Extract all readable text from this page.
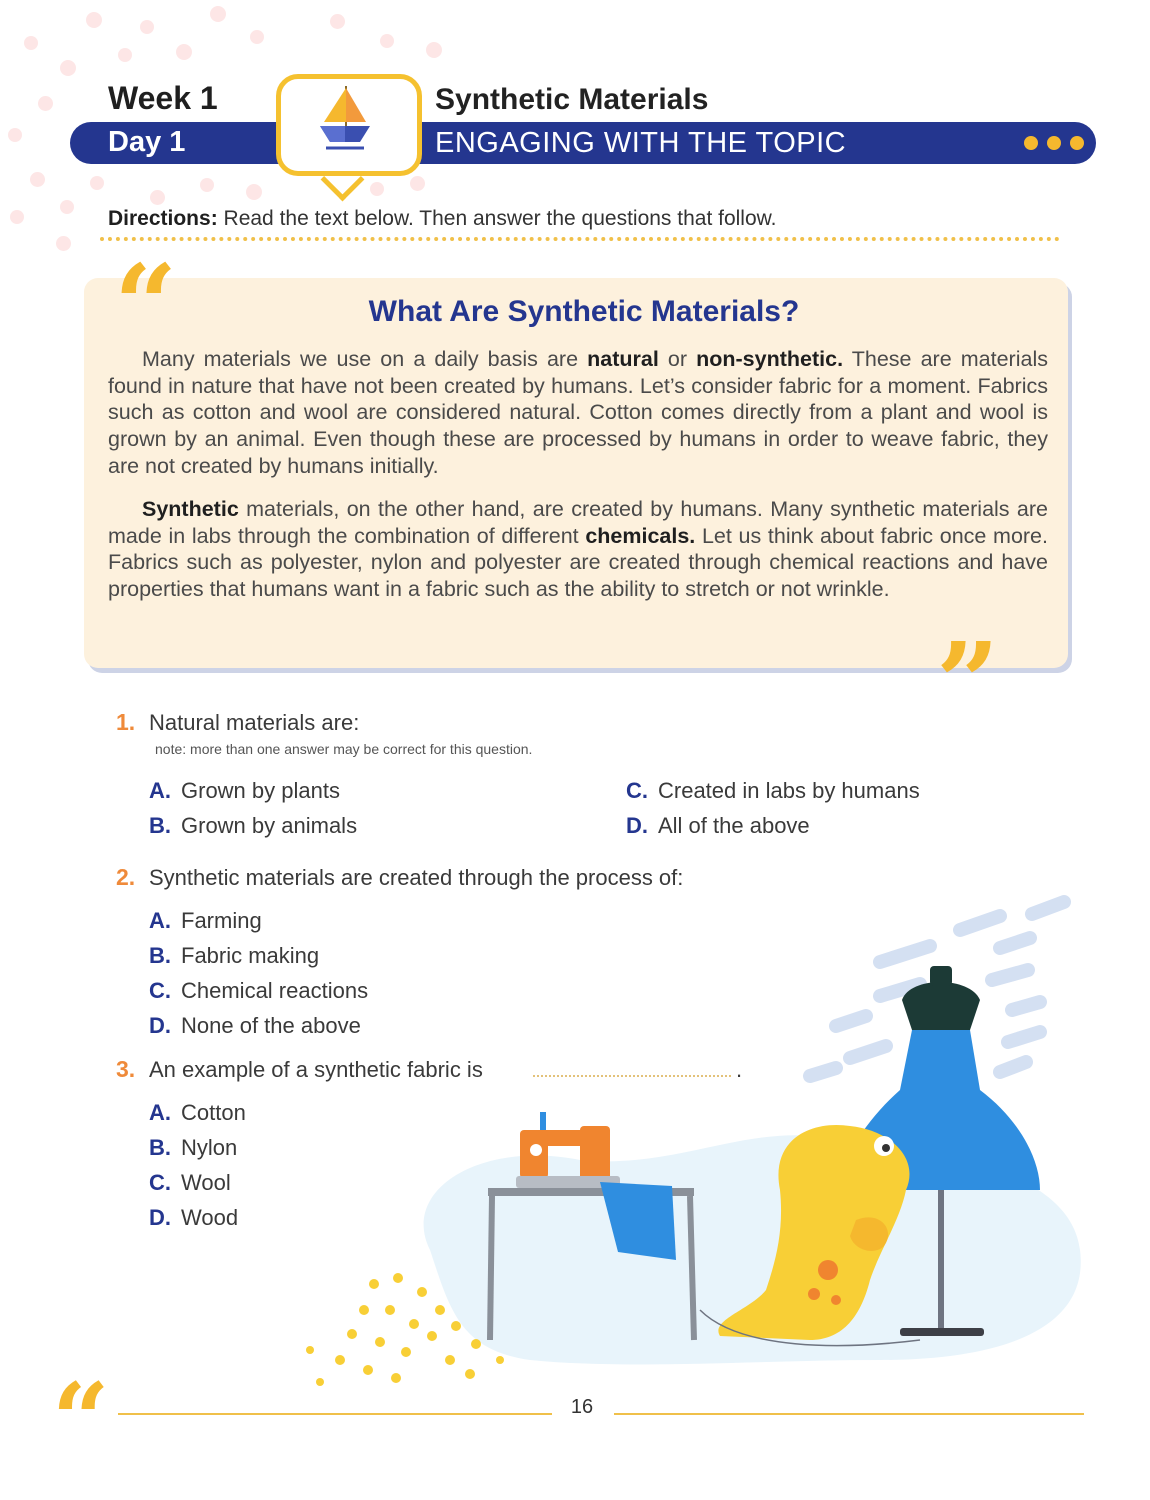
Week 1	Synthetic Materials
Day 1	ENGAGING WITH THE TOPIC
Directions: Read the text below. Then answer the questions that follow.
“
”
What Are Synthetic Materials?
Many materials we use on a daily basis are natural or non-synthetic. These are materials found in nature that have not been created by humans. Let’s consider fabric for a moment. Fabrics such as cotton and wool are considered natural. Cotton comes directly from a plant and wool is grown by an animal. Even though these are processed by humans in order to weave fabric, they are not created by humans initially.
Synthetic materials, on the other hand, are created by humans. Many synthetic materials are made in labs through the combination of different chemicals. Let us think about fabric once more. Fabrics such as polyester, nylon and polyester are created through chemical reactions and have properties that humans want in a fabric such as the ability to stretch or not wrinkle.
1. Natural materials are:
note: more than one answer may be correct for this question.
A. Grown by plants
B. Grown by animals
C. Created in labs by humans
D. All of the above
2. Synthetic materials are created through the process of:
A. Farming
B. Fabric making
C. Chemical reactions
D. None of the above
3. An example of a synthetic fabric is	.
A. Cotton
B. Nylon
C. Wool
D. Wood
“	16
